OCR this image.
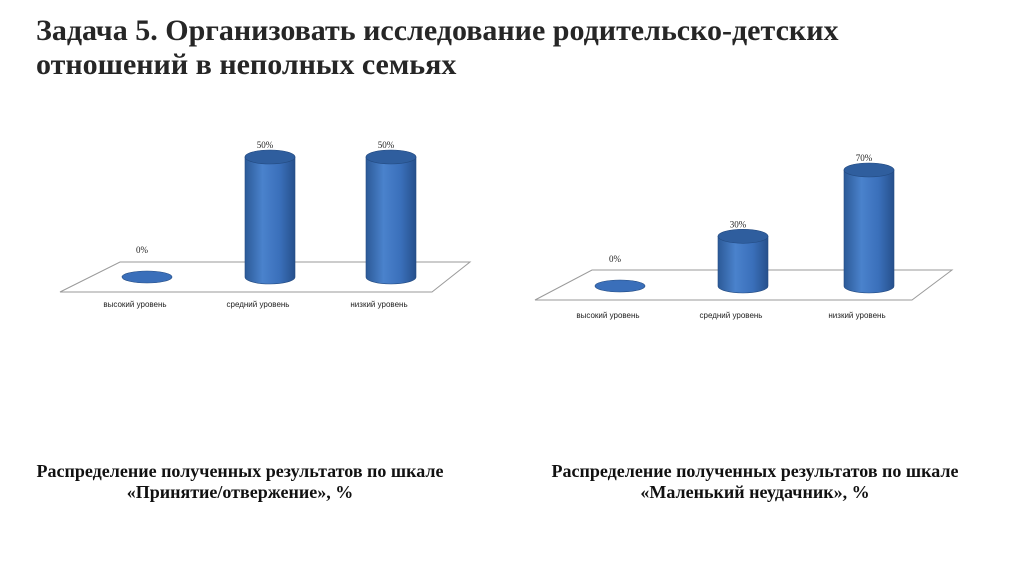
Задача 5. Организовать исследование родительско-детских отношений в неполных семьях
0%
высокий уровень
50%
средний уровень
50%
низкий уровень
0%
высокий уровень
30%
средний уровень
70%
низкий уровень
Распределение полученных результатов по шкале «Принятие/отвержение», %
Распределение полученных результатов по шкале «Маленький неудачник», %
